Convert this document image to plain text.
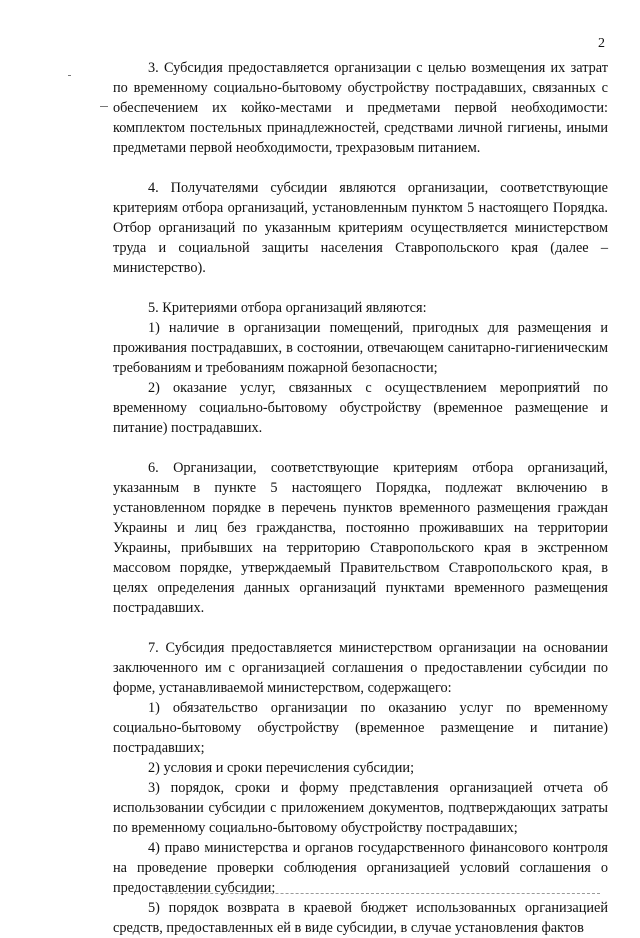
2

3. Субсидия предоставляется организации с целью возмещения их затрат по временному социально-бытовому обустройству пострадавших, связанных с обеспечением их койко-местами и предметами первой необходимости: комплектом постельных принадлежностей, средствами личной гигиены, иными предметами первой необходимости, трехразовым питанием.

4. Получателями субсидии являются организации, соответствующие критериям отбора организаций, установленным пунктом 5 настоящего Порядка. Отбор организаций по указанным критериям осуществляется министерством труда и социальной защиты населения Ставропольского края (далее – министерство).

5. Критериями отбора организаций являются:

1) наличие в организации помещений, пригодных для размещения и проживания пострадавших, в состоянии, отвечающем санитарно-гигиеническим требованиям и требованиям пожарной безопасности;

2) оказание услуг, связанных с осуществлением мероприятий по временному социально-бытовому обустройству (временное размещение и питание) пострадавших.

6. Организации, соответствующие критериям отбора организаций, указанным в пункте 5 настоящего Порядка, подлежат включению в установленном порядке в перечень пунктов временного размещения граждан Украины и лиц без гражданства, постоянно проживавших на территории Украины, прибывших на территорию Ставропольского края в экстренном массовом порядке, утверждаемый Правительством Ставропольского края, в целях определения данных организаций пунктами временного размещения пострадавших.

7. Субсидия предоставляется министерством организации на основании заключенного им с организацией соглашения о предоставлении субсидии по форме, устанавливаемой министерством, содержащего:

1) обязательство организации по оказанию услуг по временному социально-бытовому обустройству (временное размещение и питание) пострадавших;

2) условия и сроки перечисления субсидии;

3) порядок, сроки и форму представления организацией отчета об использовании субсидии с приложением документов, подтверждающих затраты по временному социально-бытовому обустройству пострадавших;

4) право министерства и органов государственного финансового контроля на проведение проверки соблюдения организацией условий соглашения о предоставлении субсидии;

5) порядок возврата в краевой бюджет использованных организацией средств, предоставленных ей в виде субсидии, в случае установления фактов
